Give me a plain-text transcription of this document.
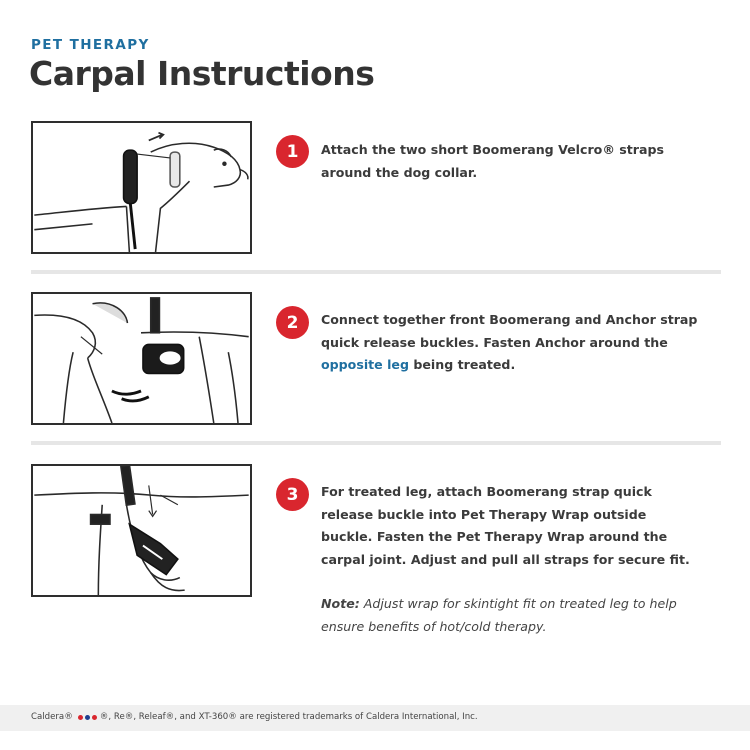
PET THERAPY
Carpal Instructions
1	Attach the two short Boomerang Velcro® straps around the dog collar.
2	Connect together front Boomerang and Anchor strap quick release buckles. Fasten Anchor around the opposite leg being treated.
3	For treated leg, attach Boomerang strap quick release buckle into Pet Therapy Wrap outside buckle. Fasten the Pet Therapy Wrap around the carpal joint. Adjust and pull all straps for secure fit.
Note: Adjust wrap for skintight fit on treated leg to help ensure benefits of hot/cold therapy.
Caldera®	®, Re®, Releaf®, and XT-360® are registered trademarks of Caldera International, Inc.
